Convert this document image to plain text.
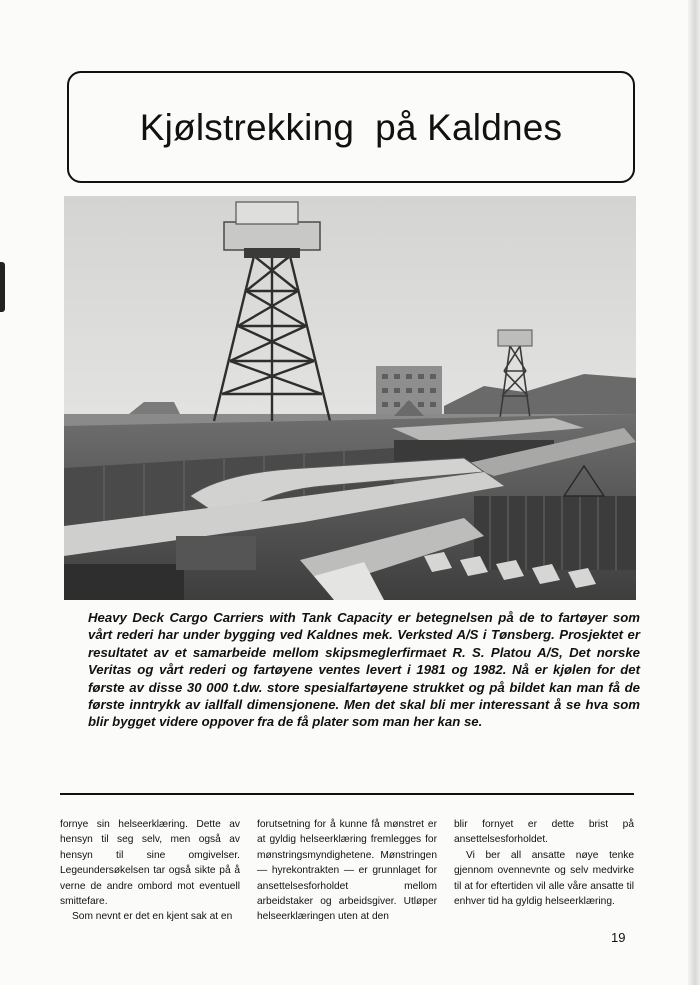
Kjølstrekking  på Kaldnes

Heavy Deck Cargo Carriers with Tank Capacity er betegnelsen på de to fartøyer som vårt rederi har under bygging ved Kaldnes mek. Verksted A/S i Tønsberg. Prosjektet er resultatet av et samarbeide mellom skipsmeglerfirmaet R. S. Platou A/S, Det norske Veritas og vårt rederi og fartøyene ventes levert i 1981 og 1982. Nå er kjølen for det første av disse 30 000 t.dw. store spesialfartøyene strukket og på bildet kan man få de første inntrykk av iallfall dimensjonene. Men det skal bli mer interessant å se hva som blir bygget videre oppover fra de få plater som man her kan se.

fornye sin helseerklæring. Dette av hensyn til seg selv, men også av hensyn til sine omgivelser. Legeundersøkelsen tar også sikte på å verne de andre ombord mot eventuell smittefare.

Som nevnt er det en kjent sak at en

forutsetning for å kunne få mønstret er at gyldig helseerklæring fremlegges for mønstringsmyndighetene. Mønstringen — hyrekontrakten — er grunnlaget for ansettelsesforholdet mellom arbeidstaker og arbeidsgiver. Utløper helseerklæringen uten at den

blir fornyet er dette brist på ansettelsesforholdet.

Vi ber all ansatte nøye tenke gjennom ovennevnte og selv medvirke til at for eftertiden vil alle våre ansatte til enhver tid ha gyldig helseerklæring.

19
